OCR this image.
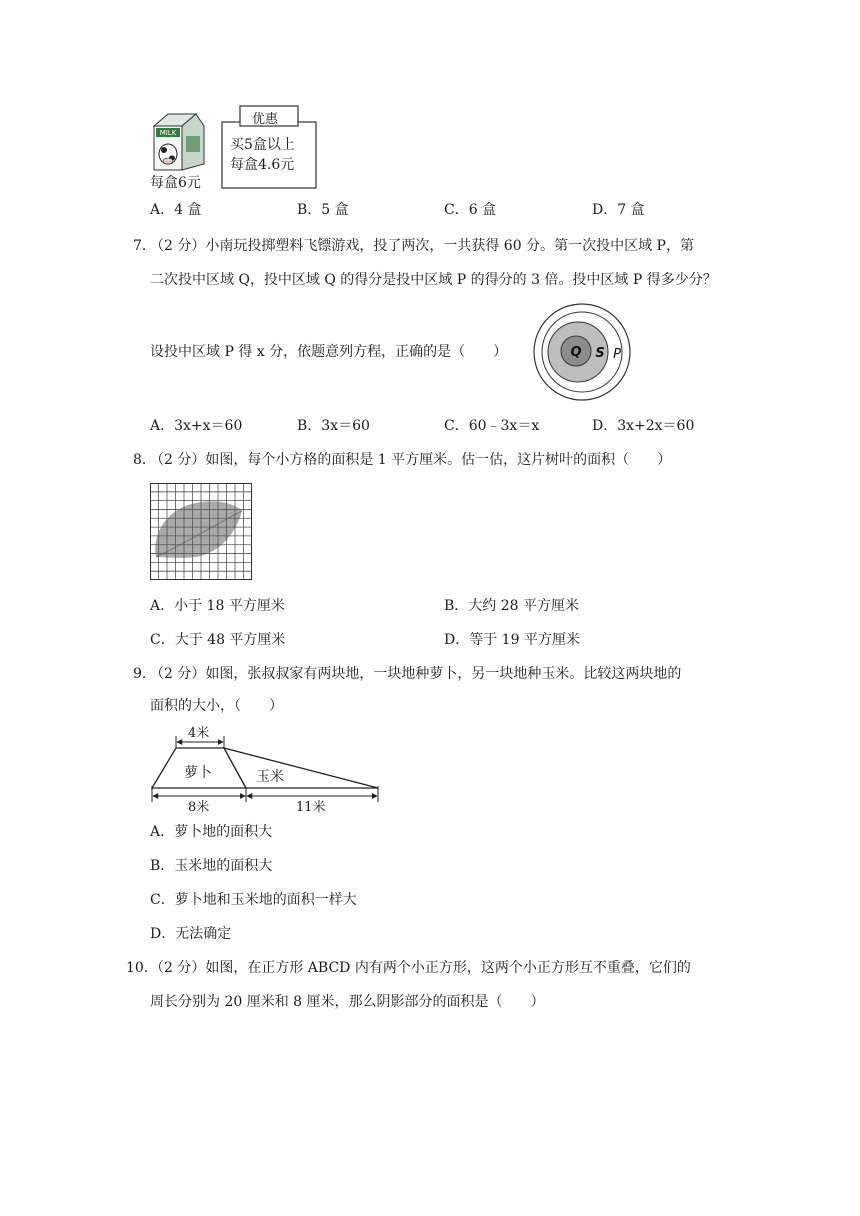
MILK
每盒6元
优惠
买5盒以上
每盒4.6元
A．4 盒	B．5 盒	C．6 盒	D．7 盒
7．
（2 分）小南玩投掷塑料飞镖游戏，投了两次，一共获得 60 分。第一次投中区域 P，第
二次投中区域 Q，投中区域 Q 的得分是投中区域 P 的得分的 3 倍。投中区域 P 得多少分？
设投中区域 P 得 x 分，依题意列方程，正确的是（　　）	Q S P
A．3x+x＝60	B．3x＝60	C．60﹣3x＝x	D．3x+2x＝60
8．
（2 分）如图，每个小方格的面积是 1 平方厘米。估一估，这片树叶的面积（　　）
A．小于 18 平方厘米	B．大约 28 平方厘米
C．大于 48 平方厘米	D．等于 19 平方厘米
9．
（2 分）如图，张叔叔家有两块地，一块地种萝卜，另一块地种玉米。比较这两块地的
面积的大小，（　　）
4米
萝卜	玉米
8米	11米
A．萝卜地的面积大
B．玉米地的面积大
C．萝卜地和玉米地的面积一样大
D．无法确定
10．
（2 分）如图，在正方形 ABCD 内有两个小正方形，这两个小正方形互不重叠，它们的
周长分别为 20 厘米和 8 厘米，那么阴影部分的面积是（　　）
